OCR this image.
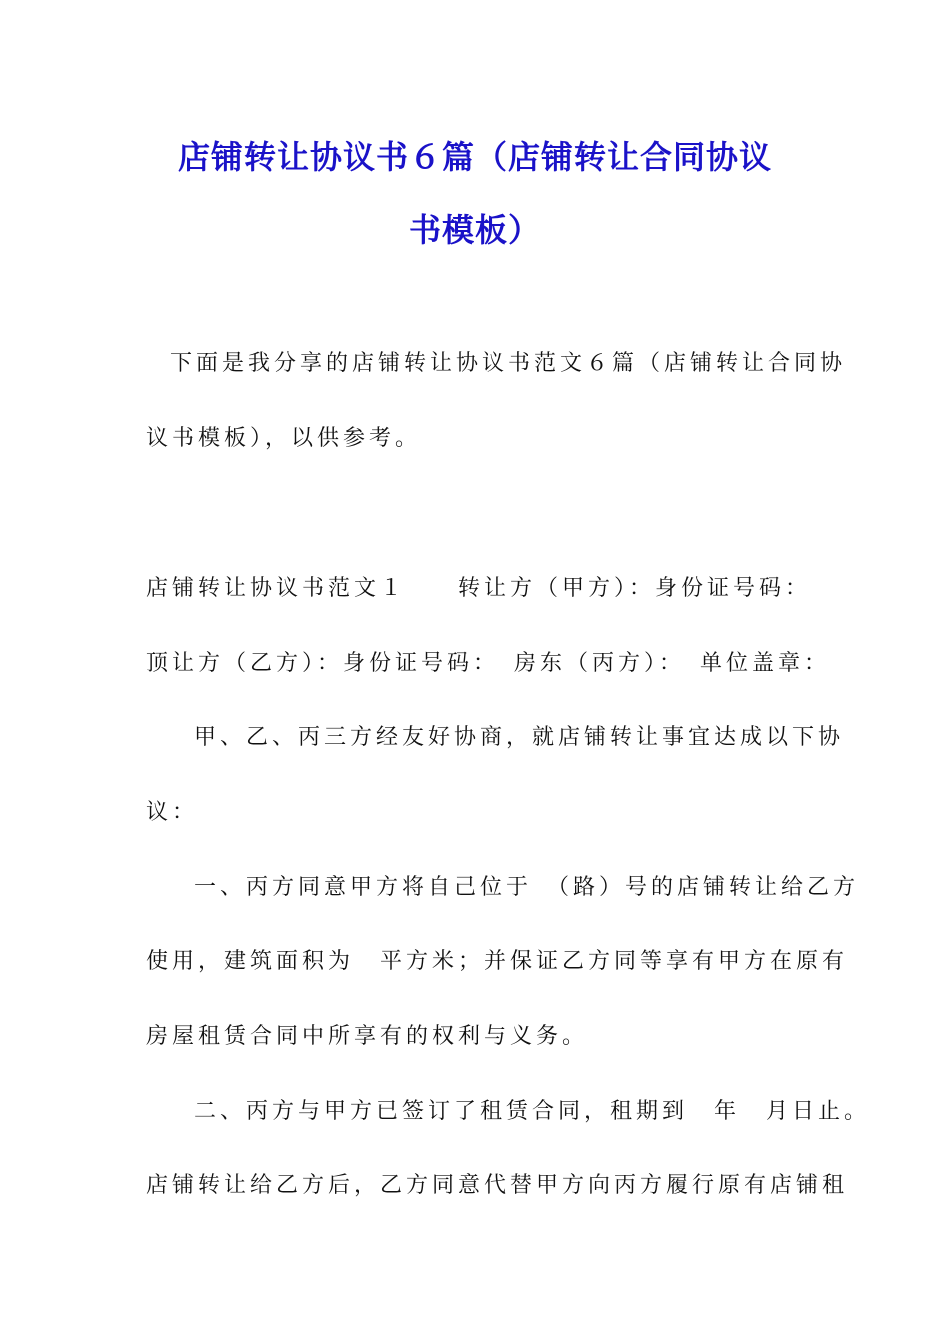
店铺转让协议书６篇（店铺转让合同协议
书模板）
下面是我分享的店铺转让协议书范文６篇（店铺转让合同协
议书模板），以供参考。
店铺转让协议书范文１　　转让方（甲方）：身份证号码：
顶让方（乙方）：身份证号码：　房东（丙方）：　单位盖章：
甲、乙、丙三方经友好协商，就店铺转让事宜达成以下协
议：
一、丙方同意甲方将自己位于　（路）号的店铺转让给乙方
使用，建筑面积为　平方米；并保证乙方同等享有甲方在原有
房屋租赁合同中所享有的权利与义务。
二、丙方与甲方已签订了租赁合同，租期到　年　月日止。
店铺转让给乙方后，乙方同意代替甲方向丙方履行原有店铺租
